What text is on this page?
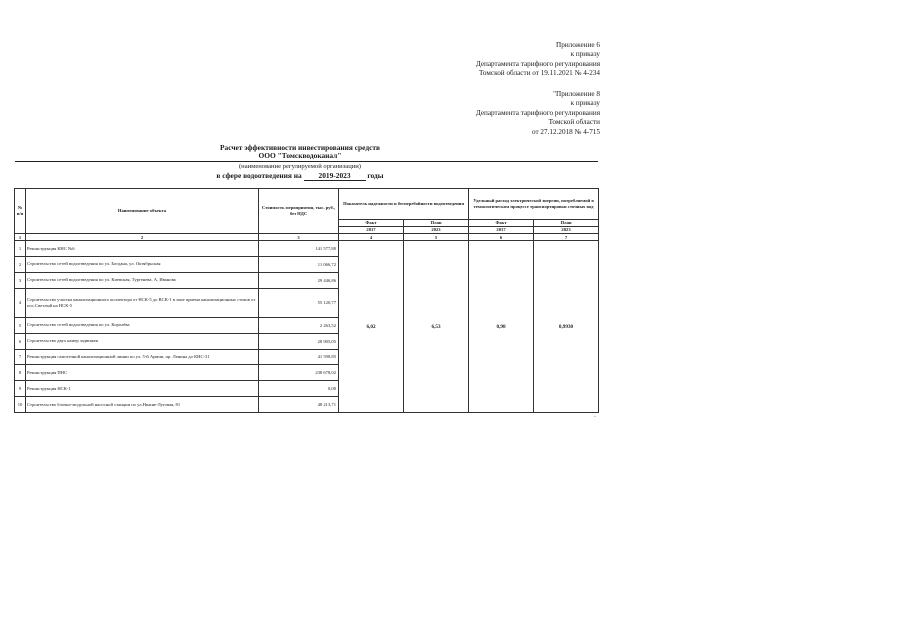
Приложение 6
к приказу
Департамента тарифного регулирования
Томской области от 19.11.2021 № 4-234
"Приложение 8
к приказу
Департамента тарифного регулирования
Томской области
от 27.12.2018 № 4-715
Расчет эффективности инвестирования средств
ООО "Томскводоканал"
(наименование регулируемой организации)
в сфере водоотведения на 2019-2023 годы
№ п/п	Наименование объекта	Стоимость мероприятия, тыс. руб., без НДС	Показатель надежности и бесперебойности водоотведения		Удельный расход электрической энергии, потребляемой в технологическом процессе транспортировки сточных вод	
			Факт	План	Факт	План
			2017	2023	2017	2023
1	2	3	4	5	6	7
1	Реконструкция КНС №6	141 577,80	6,02	6,53	0,98	0,9930
2	Строительство сетей водоотведения по ул. Богдана, ул. Октябрьская	11 066,72				
3	Строительство сетей водоотведения по ул. Киевская, Тургенева, А. Иванова	29 446,86				
4	Строительство участка канализационного коллектора от НСК-5 до ВСК-1 в зоне приема канализационных стоков от пос.Светлый на НСК-5	55 120,77				
5	Строительство сетей водоотведения по ул. Королёва	2 263,52				
6	Строительство двух камер задвижек	28 905,05				
7	Реконструкция самотечной канализационной линии по ул. 5-й Армии, пр. Ленина до КНС-31	41 598,85				
8	Реконструкция ПНС	238 678,02				
9	Реконструкция НСК-1	0,00				
10	Строительство блочно-модульной насосной станции по ул.Нижне-Луговая, 81	48 213,71				
»
